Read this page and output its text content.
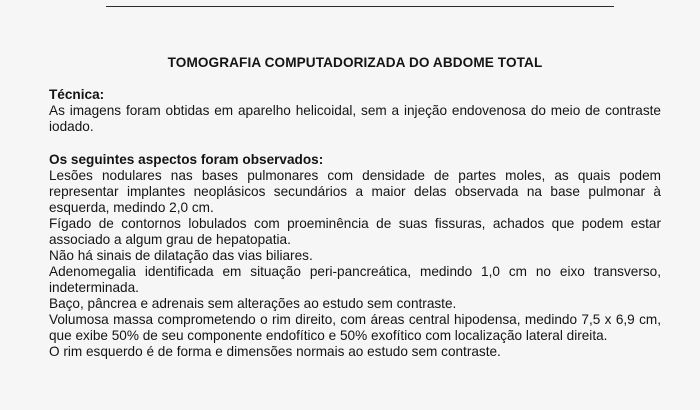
TOMOGRAFIA COMPUTADORIZADA DO ABDOME TOTAL

Técnica:

As imagens foram obtidas em aparelho helicoidal, sem a injeção endovenosa do meio de contraste iodado.

Os seguintes aspectos foram observados:

Lesões nodulares nas bases pulmonares com densidade de partes moles, as quais podem representar implantes neoplásicos secundários a maior delas observada na base pulmonar à esquerda, medindo 2,0 cm.

Fígado de contornos lobulados com proeminência de suas fissuras, achados que podem estar associado a algum grau de hepatopatia.

Não há sinais de dilatação das vias biliares.

Adenomegalia identificada em situação peri-pancreática, medindo 1,0 cm no eixo transverso, indeterminada.

Baço, pâncrea e adrenais sem alterações ao estudo sem contraste.

Volumosa massa comprometendo o rim direito, com áreas central hipodensa, medindo 7,5 x 6,9 cm, que exibe 50% de seu componente endofítico e 50% exofítico com localização lateral direita.

O rim esquerdo é de forma e dimensões normais ao estudo sem contraste.
